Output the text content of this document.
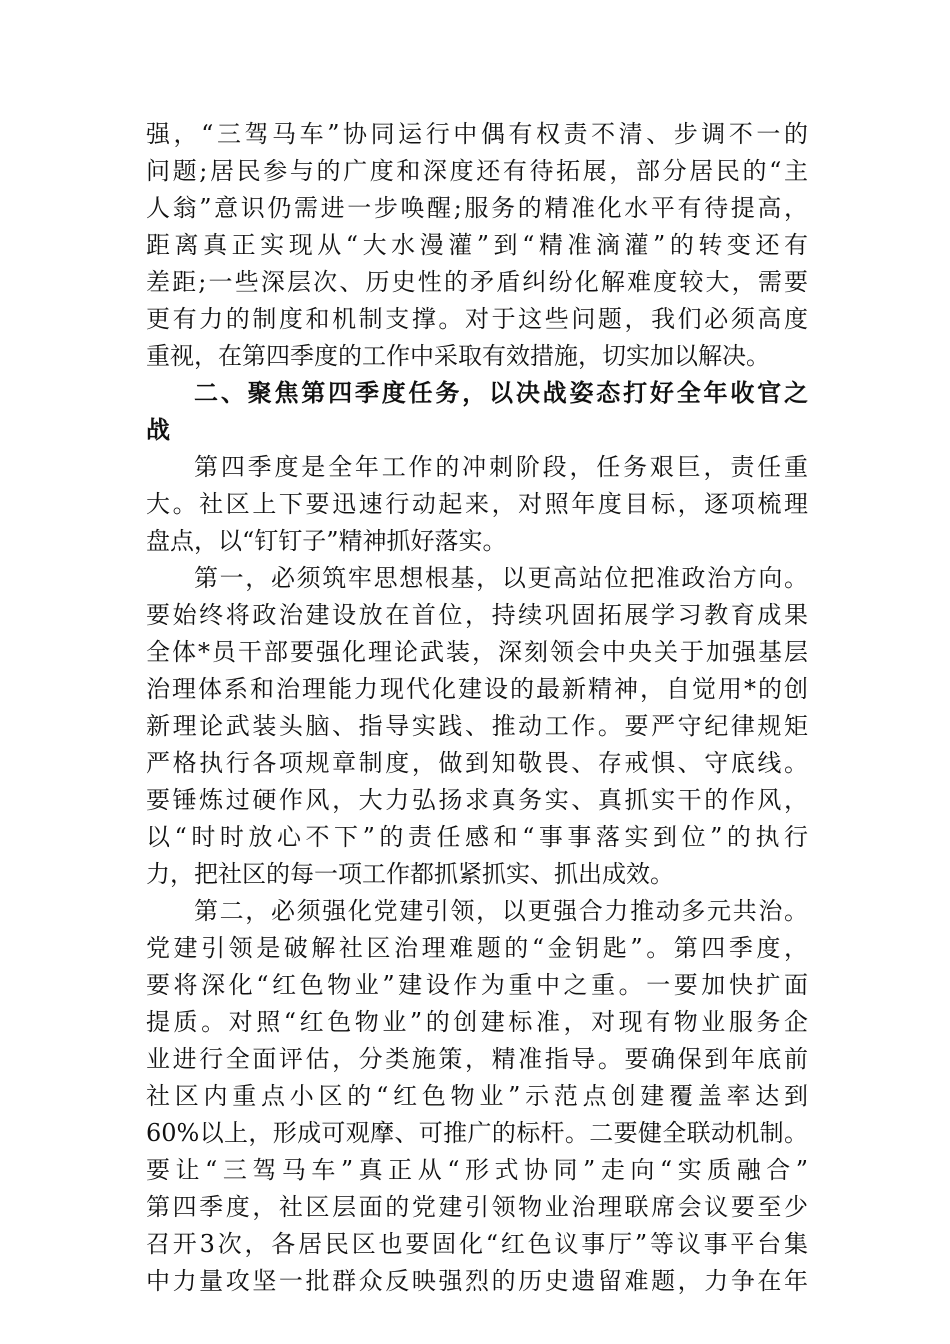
强，“三驾马车”协同运行中偶有权责不清、步调不一的
问题;居民参与的广度和深度还有待拓展，部分居民的“主
人翁”意识仍需进一步唤醒;服务的精准化水平有待提高，
距离真正实现从“大水漫灌”到“精准滴灌”的转变还有
差距;一些深层次、历史性的矛盾纠纷化解难度较大，需要
更有力的制度和机制支撑。对于这些问题，我们必须高度
重视，在第四季度的工作中采取有效措施，切实加以解决。
二、聚焦第四季度任务，以决战姿态打好全年收官之
战
第四季度是全年工作的冲刺阶段，任务艰巨，责任重
大。社区上下要迅速行动起来，对照年度目标，逐项梳理
盘点，以“钉钉子”精神抓好落实。
第一，必须筑牢思想根基，以更高站位把准政治方向。
要始终将政治建设放在首位，持续巩固拓展学习教育成果
全体*员干部要强化理论武装，深刻领会中央关于加强基层
治理体系和治理能力现代化建设的最新精神，自觉用*的创
新理论武装头脑、指导实践、推动工作。要严守纪律规矩
严格执行各项规章制度，做到知敬畏、存戒惧、守底线。
要锤炼过硬作风，大力弘扬求真务实、真抓实干的作风，
以“时时放心不下”的责任感和“事事落实到位”的执行
力，把社区的每一项工作都抓紧抓实、抓出成效。
第二，必须强化党建引领，以更强合力推动多元共治。
党建引领是破解社区治理难题的“金钥匙”。第四季度，
要将深化“红色物业”建设作为重中之重。一要加快扩面
提质。对照“红色物业”的创建标准，对现有物业服务企
业进行全面评估，分类施策，精准指导。要确保到年底前
社区内重点小区的“红色物业”示范点创建覆盖率达到
60%以上，形成可观摩、可推广的标杆。二要健全联动机制。
要让“三驾马车”真正从“形式协同”走向“实质融合”
第四季度，社区层面的党建引领物业治理联席会议要至少
召开3次，各居民区也要固化“红色议事厅”等议事平台集
中力量攻坚一批群众反映强烈的历史遗留难题，力争在年
